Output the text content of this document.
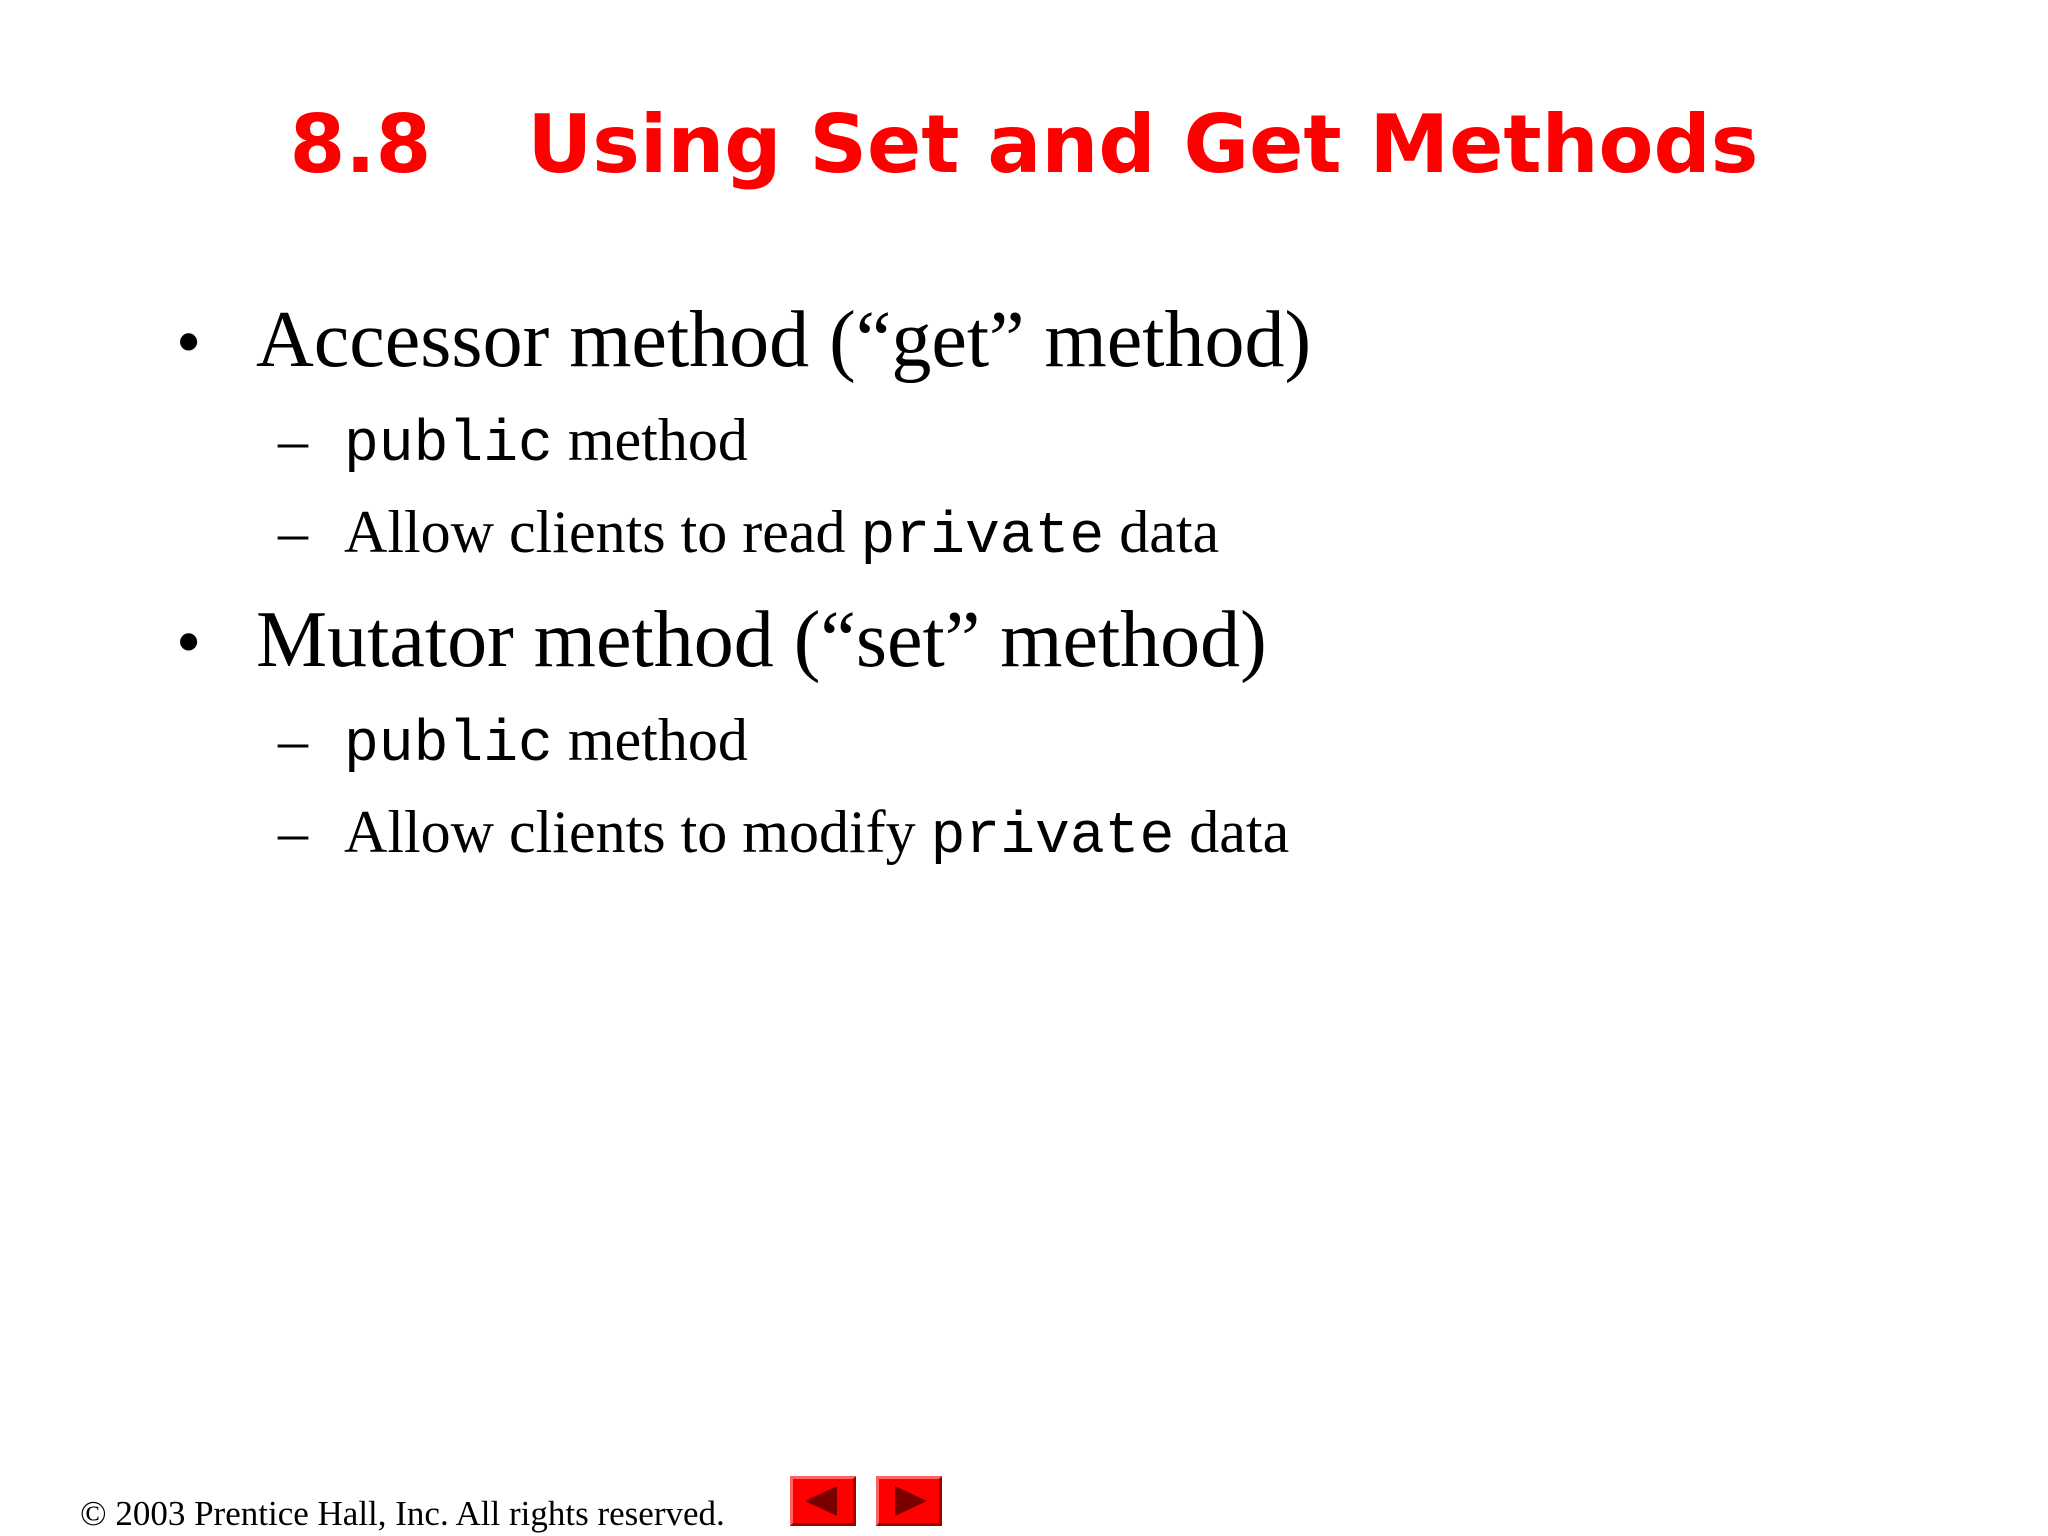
8.8 Using Set and Get Methods
• Accessor method (“get” method)
– public method
– Allow clients to read private data
• Mutator method (“set” method)
– public method
– Allow clients to modify private data
© 2003 Prentice Hall, Inc. All rights reserved.
